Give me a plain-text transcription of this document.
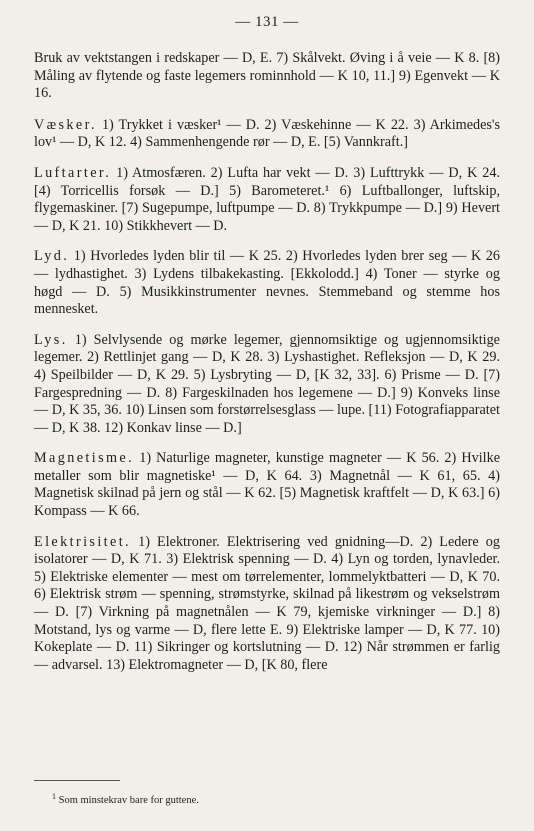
— 131 —

Bruk av vektstangen i redskaper — D, E. 7) Skålvekt. Øving i å veie — K 8. [8) Måling av flytende og faste legemers rominnhold — K 10, 11.] 9) Egenvekt — K 16.

Væsker. 1) Trykket i væsker¹ — D. 2) Væskehinne — K 22. 3) Arkimedes's lov¹ — D, K 12. 4) Sammenhengende rør — D, E. [5) Vannkraft.]

Luftarter. 1) Atmosfæren. 2) Lufta har vekt — D. 3) Lufttrykk — D, K 24. [4) Torricellis forsøk — D.] 5) Barometeret.¹ 6) Luftballonger, luftskip, flygemaskiner. [7) Sugepumpe, luftpumpe — D. 8) Trykkpumpe — D.] 9) Hevert — D, K 21. 10) Stikkhevert — D.

Lyd. 1) Hvorledes lyden blir til — K 25. 2) Hvorledes lyden brer seg — K 26 — lydhastighet. 3) Lydens tilbakekasting. [Ekkolodd.] 4) Toner — styrke og høgd — D. 5) Musikkinstrumenter nevnes. Stemmeband og stemme hos mennesket.

Lys. 1) Selvlysende og mørke legemer, gjennomsiktige og ugjennomsiktige legemer. 2) Rettlinjet gang — D, K 28. 3) Lyshastighet. Refleksjon — D, K 29. 4) Speilbilder — D, K 29. 5) Lysbryting — D, [K 32, 33]. 6) Prisme — D. [7) Fargespredning — D. 8) Fargeskilnaden hos legemene — D.] 9) Konveks linse — D, K 35, 36. 10) Linsen som forstørrelsesglass — lupe. [11) Fotografiapparatet — D, K 38. 12) Konkav linse — D.]

Magnetisme. 1) Naturlige magneter, kunstige magneter — K 56. 2) Hvilke metaller som blir magnetiske¹ — D, K 64. 3) Magnetnål — K 61, 65. 4) Magnetisk skilnad på jern og stål — K 62. [5) Magnetisk kraftfelt — D, K 63.] 6) Kompass — K 66.

Elektrisitet. 1) Elektroner. Elektrisering ved gnidning—D. 2) Ledere og isolatorer — D, K 71. 3) Elektrisk spenning — D. 4) Lyn og torden, lynavleder. 5) Elektriske elementer — mest om tørrelementer, lommelyktbatteri — D, K 70. 6) Elektrisk strøm — spenning, strømstyrke, skilnad på likestrøm og vekselstrøm — D. [7) Virkning på magnetnålen — K 79, kjemiske virkninger — D.] 8) Motstand, lys og varme — D, flere lette E. 9) Elektriske lamper — D, K 77. 10) Kokeplate — D. 11) Sikringer og kortslutning — D. 12) Når strømmen er farlig — advarsel. 13) Elektromagneter — D, [K 80, flere

$^1$ Som minstekrav bare for guttene.
